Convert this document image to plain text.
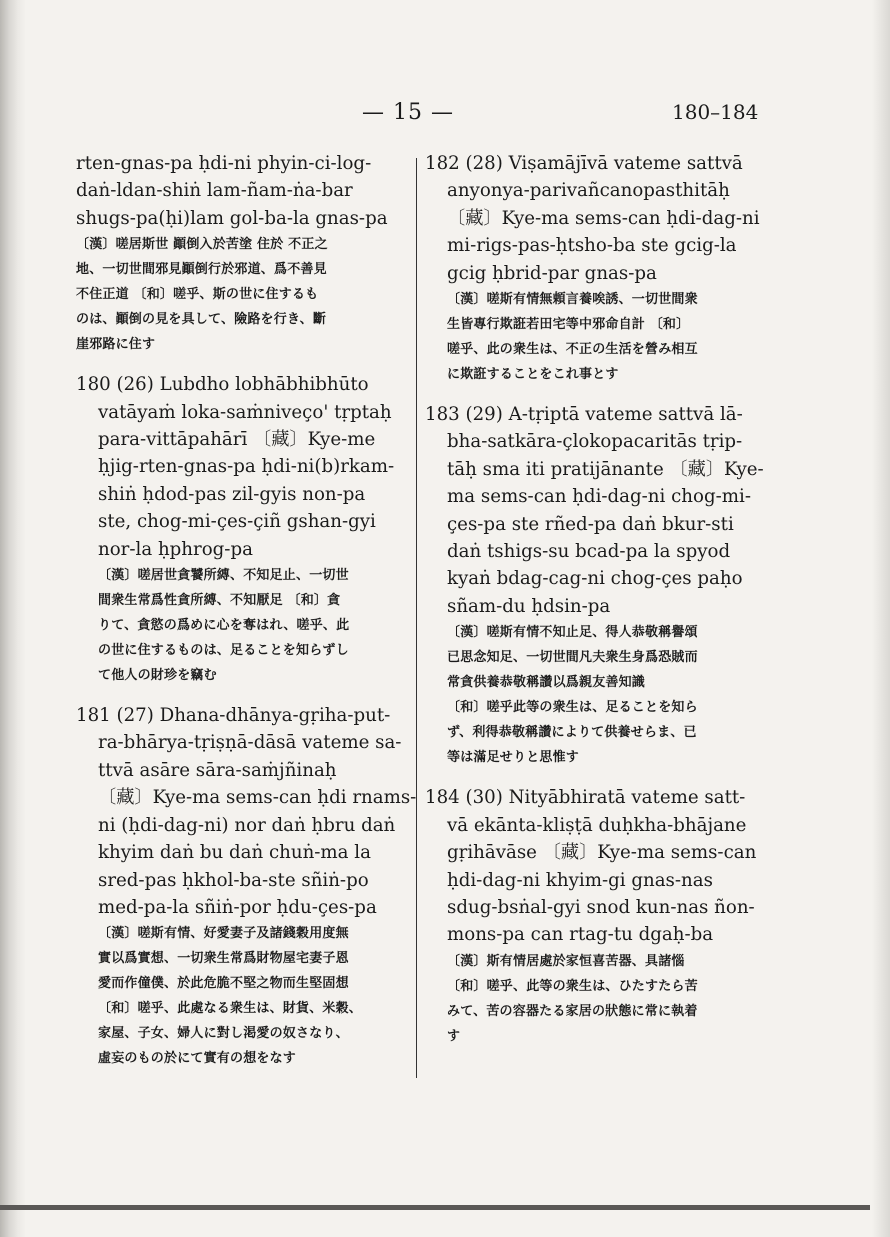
— 15 —	180–184
rten-gnas-pa ḥdi-ni phyin-ci-log-
daṅ-ldan-shiṅ lam-ñam-ṅa-bar
shugs-pa(ḥi)lam gol-ba-la gnas-pa
〔漢〕嗟居斯世 顚倒入於苦塗 住於 不正之
地、一切世間邪見顚倒行於邪道、爲不善見
不住正道 〔和〕嗟乎、斯の世に住するも
のは、顚倒の見を具して、險路を行き、斷
崖邪路に住す
180 (26) Lubdho lobhābhibhūto
vatāyaṁ loka-saṁniveço' tṛptaḥ
para-vittāpahārī 〔藏〕Kye-me
ḥjig-rten-gnas-pa ḥdi-ni(b)rkam-
shiṅ ḥdod-pas zil-gyis non-pa
ste, chog-mi-çes-çiñ gshan-gyi
nor-la ḥphrog-pa
〔漢〕嗟居世貪饕所縛、不知足止、一切世
間衆生常爲性貪所縛、不知厭足 〔和〕貪
りて、貪慾の爲めに心を奪はれ、嗟乎、此
の世に住するものは、足ることを知らずし
て他人の財珍を竊む
181 (27) Dhana-dhānya-gṛiha-put-
ra-bhārya-tṛiṣṇā-dāsā vateme sa-
ttvā asāre sāra-saṁjñinaḥ
〔藏〕Kye-ma sems-can ḥdi rnams-
ni (ḥdi-dag-ni) nor daṅ ḥbru daṅ
khyim daṅ bu daṅ chuṅ-ma la
sred-pas ḥkhol-ba-ste sñiṅ-po
med-pa-la sñiṅ-por ḥdu-çes-pa
〔漢〕嗟斯有情、好愛妻子及諸錢穀用度無
實以爲實想、一切衆生常爲財物屋宅妻子恩
愛而作僮僕、於此危脆不堅之物而生堅固想
〔和〕嗟乎、此處なる衆生は、財貨、米穀、
家屋、子女、婦人に對し渇愛の奴さなり、
虛妄のもの於にて實有の想をなす
182 (28) Viṣamājīvā vateme sattvā
anyonya-parivañcanopasthitāḥ
〔藏〕Kye-ma sems-can ḥdi-dag-ni
mi-rigs-pas-ḥtsho-ba ste gcig-la
gcig ḥbrid-par gnas-pa
〔漢〕嗟斯有情無頼言養唉誘、一切世間衆
生皆專行欺誑若田宅等中邪命自計 〔和〕
嗟乎、此の衆生は、不正の生活を營み相互
に欺誑することをこれ事とす
183 (29) A-tṛiptā vateme sattvā lā-
bha-satkāra-çlokopacaritās tṛip-
tāḥ sma iti pratijānante 〔藏〕Kye-
ma sems-can ḥdi-dag-ni chog-mi-
çes-pa ste rñed-pa daṅ bkur-sti
daṅ tshigs-su bcad-pa la spyod
kyaṅ bdag-cag-ni chog-çes paḥo
sñam-du ḥdsin-pa
〔漢〕嗟斯有情不知止足、得人恭敬稱譽頌
已思念知足、一切世間凡夫衆生身爲恐賊而
常貪供養恭敬稱讚以爲親友善知識
〔和〕嗟乎此等の衆生は、足ることを知ら
ず、利得恭敬稱讚によりて供養せらま、已
等は滿足せりと思惟す
184 (30) Nityābhiratā vateme satt-
vā ekānta-kliṣṭā duḥkha-bhājane
gṛihāvāse 〔藏〕Kye-ma sems-can
ḥdi-dag-ni khyim-gi gnas-nas
sdug-bsṅal-gyi snod kun-nas ñon-
mons-pa can rtag-tu dgaḥ-ba
〔漢〕斯有情居處於家恒喜苦器、具諸惱
〔和〕嗟乎、此等の衆生は、ひたすたら苦
みて、苦の容器たる家居の狀態に常に執着
す
